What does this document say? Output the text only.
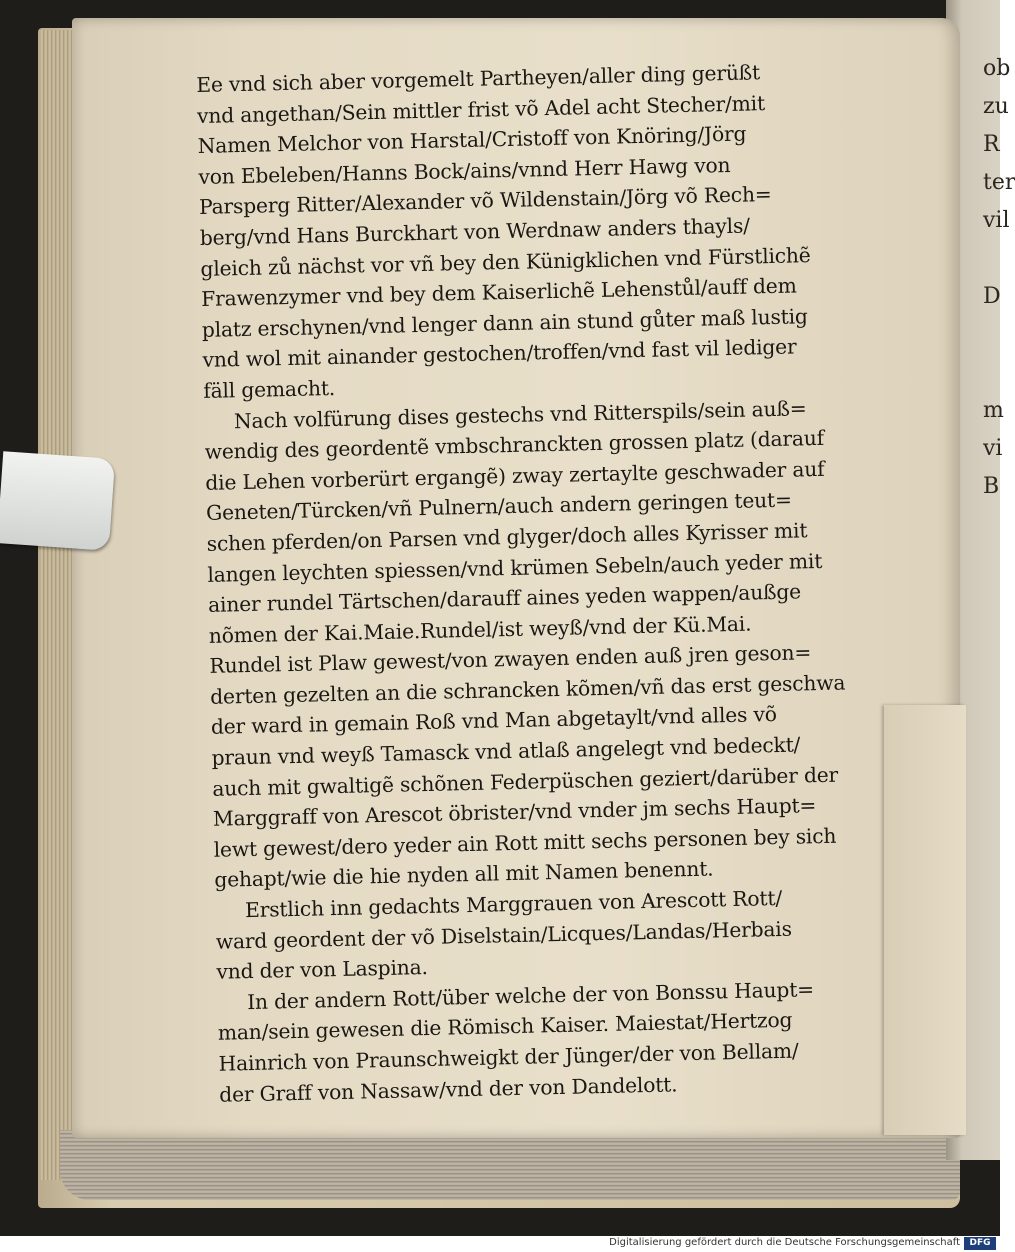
ob
zu
R
ter
vil

D

m
vi
B
Ee vnd sich aber vorgemelt Partheyen/aller ding gerüßt
vnd angethan/Sein mittler frist võ Adel acht Stecher/mit
Namen Melchor von Harstal/Cristoff von Knöring/Jörg
von Ebeleben/Hanns Bock/ains/vnnd Herr Hawg von
Parsperg Ritter/Alexander võ Wildenstain/Jörg võ Rech=
berg/vnd Hans Burckhart von Werdnaw anders thayls/
gleich zů nächst vor vñ bey den Künigklichen vnd Fürstlichẽ
Frawenzymer vnd bey dem Kaiserlichẽ Lehenstůl/auff dem
platz erschynen/vnd lenger dann ain stund gůter maß lustig
vnd wol mit ainander gestochen/troffen/vnd fast vil lediger
fäll gemacht.
Nach volfürung dises gestechs vnd Ritterspils/sein auß=
wendig des geordentẽ vmbschranckten grossen platz (darauf
die Lehen vorberürt ergangẽ) zway zertaylte geschwader auf
Geneten/Türcken/vñ Pulnern/auch andern geringen teut=
schen pferden/on Parsen vnd glyger/doch alles Kyrisser mit
langen leychten spiessen/vnd krümen Sebeln/auch yeder mit
ainer rundel Tärtschen/darauff aines yeden wappen/außge
nõmen der Kai.Maie.Rundel/ist weyß/vnd der Kü.Mai.
Rundel ist Plaw gewest/von zwayen enden auß jren geson=
derten gezelten an die schrancken kõmen/vñ das erst geschwa
der ward in gemain Roß vnd Man abgetaylt/vnd alles võ
praun vnd weyß Tamasck vnd atlaß angelegt vnd bedeckt/
auch mit gwaltigẽ schõnen Federpüschen geziert/darüber der
Marggraff von Arescot öbrister/vnd vnder jm sechs Haupt=
lewt gewest/dero yeder ain Rott mitt sechs personen bey sich
gehapt/wie die hie nyden all mit Namen benennt.
Erstlich inn gedachts Marggrauen von Arescott Rott/
ward geordent der võ Diselstain/Licques/Landas/Herbais
vnd der von Laspina.
In der andern Rott/über welche der von Bonssu Haupt=
man/sein gewesen die Römisch Kaiser. Maiestat/Hertzog
Hainrich von Praunschweigkt der Jünger/der von Bellam/
der Graff von Nassaw/vnd der von Dandelott.
Digitalisierung gefördert durch die Deutsche Forschungsgemeinschaft	DFG
